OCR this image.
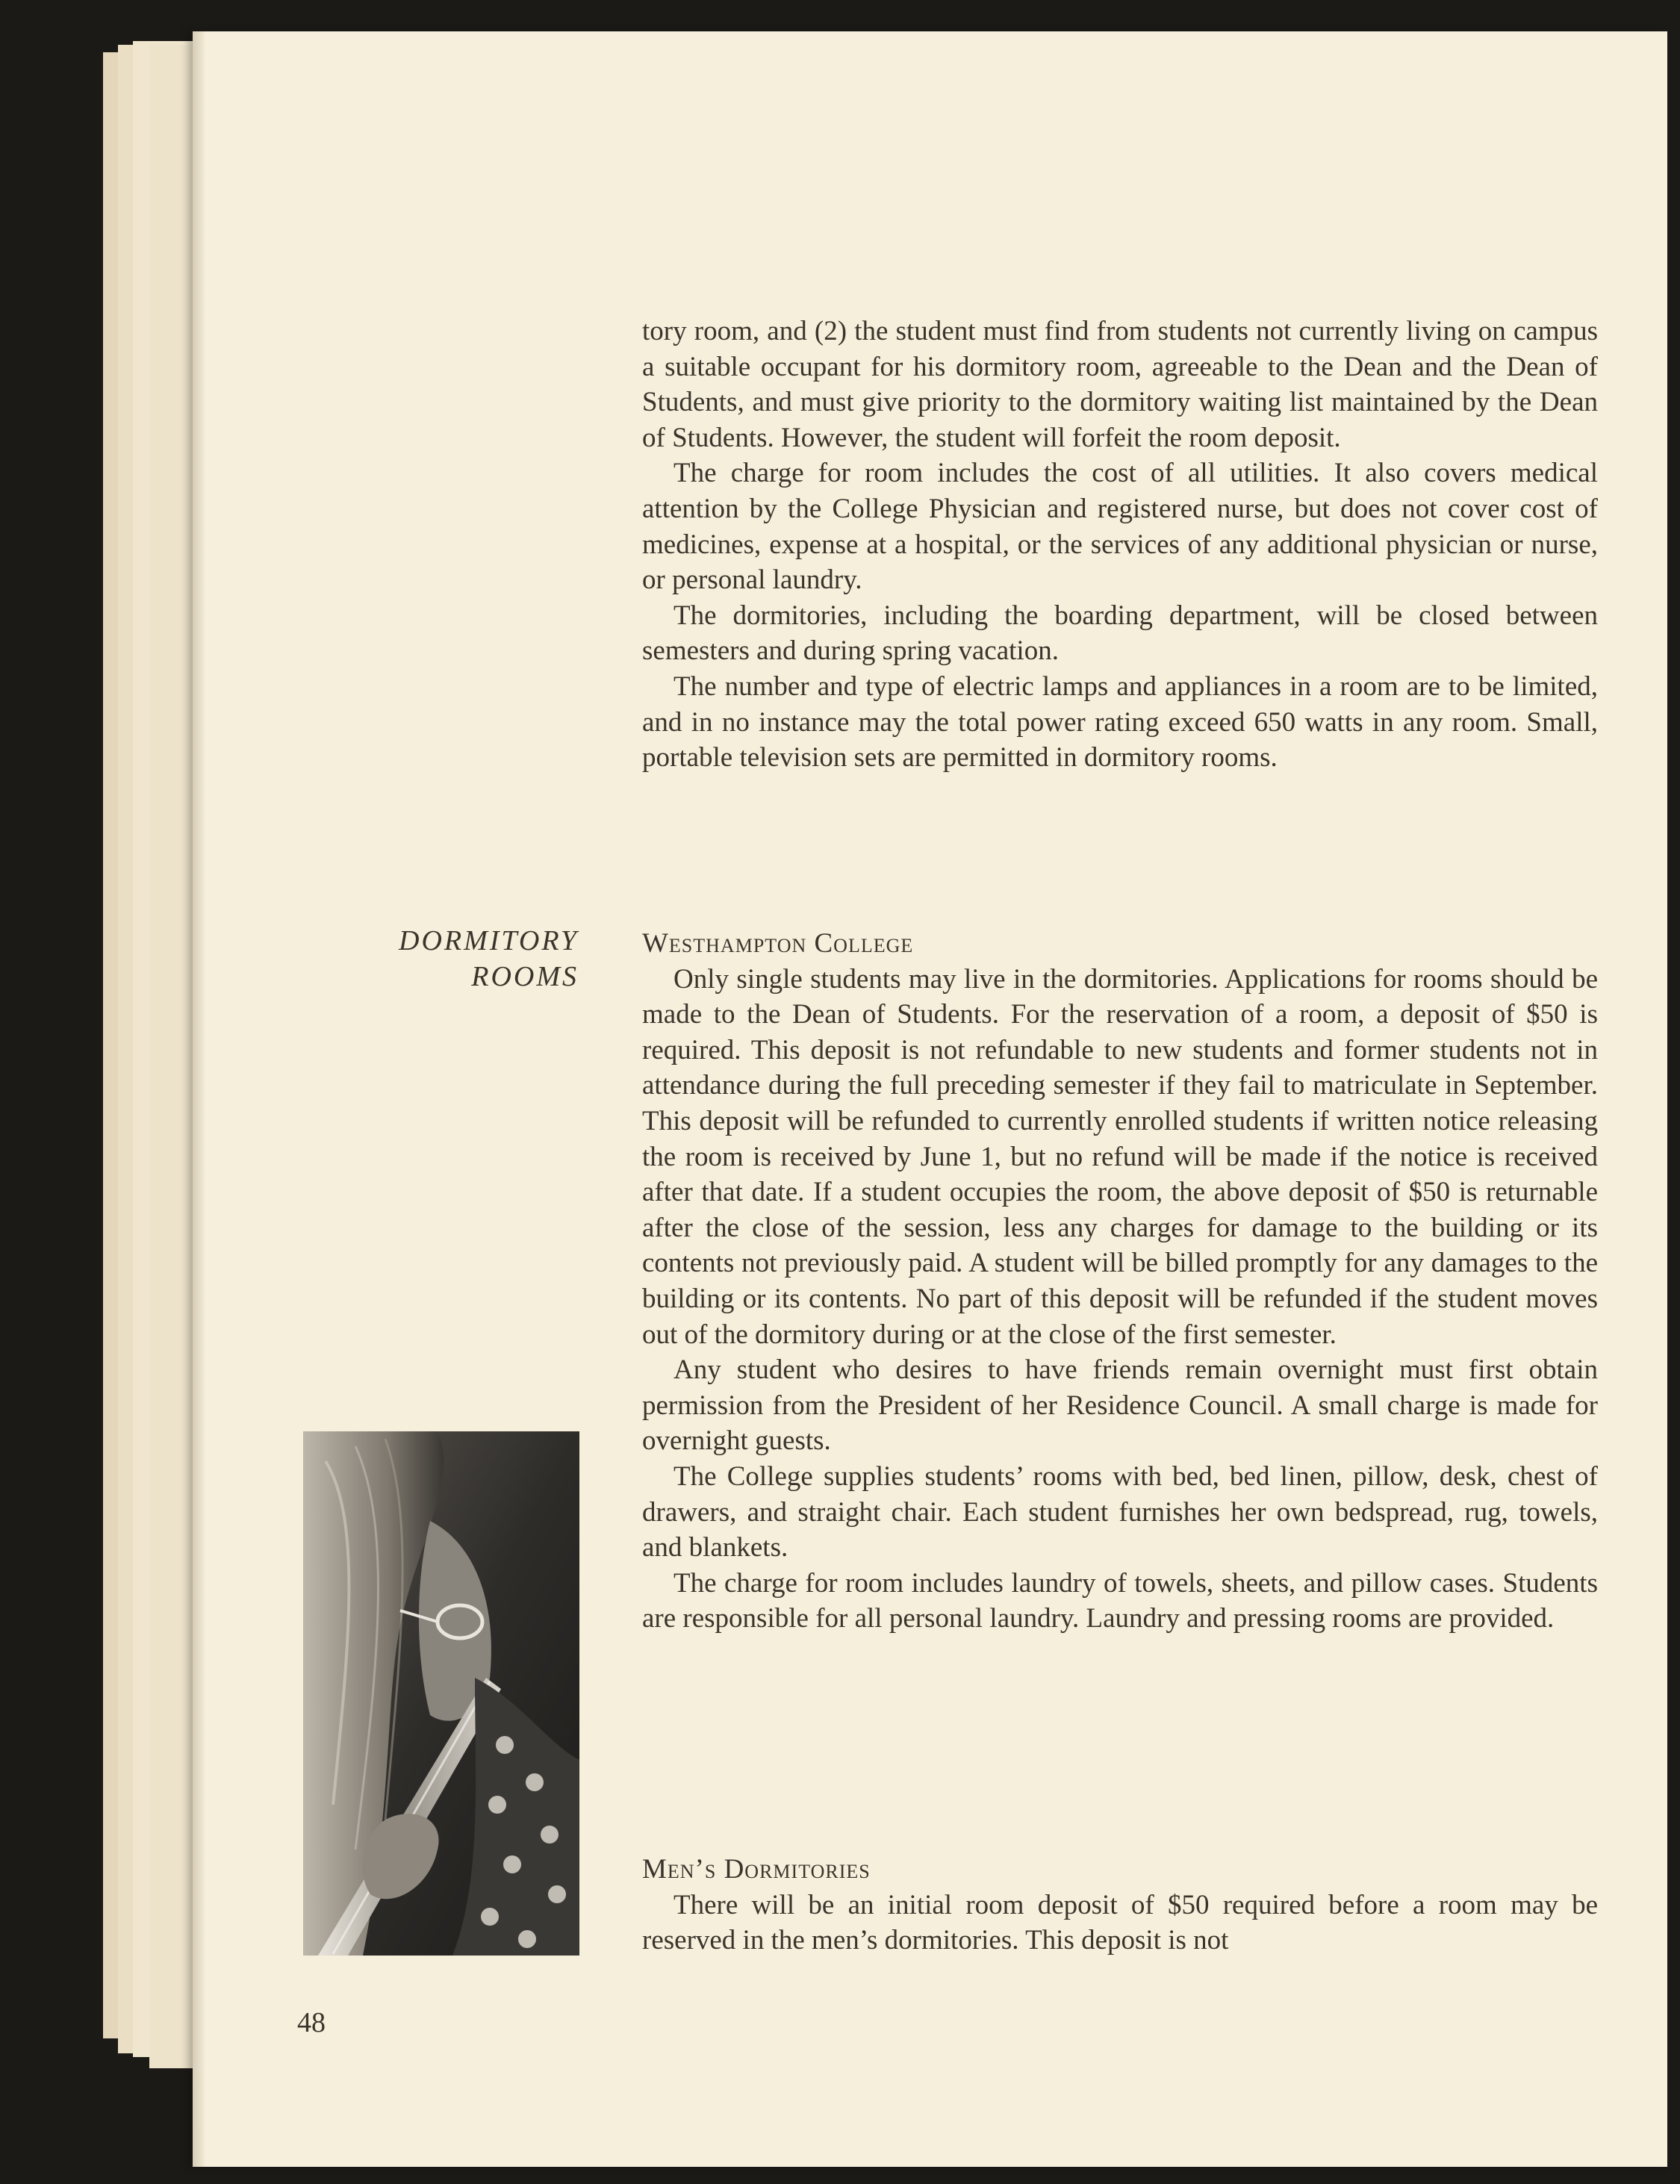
tory room, and (2) the student must find from students not currently living on campus a suitable occupant for his dormitory room, agreeable to the Dean and the Dean of Students, and must give priority to the dormitory waiting list maintained by the Dean of Students. However, the student will forfeit the room deposit.

The charge for room includes the cost of all utilities. It also covers medical attention by the College Physician and registered nurse, but does not cover cost of medicines, expense at a hospital, or the services of any additional physician or nurse, or personal laundry.

The dormitories, including the boarding department, will be closed between semesters and during spring vacation.

The number and type of electric lamps and appliances in a room are to be limited, and in no instance may the total power rating exceed 650 watts in any room. Small, portable television sets are permitted in dormitory rooms.

DORMITORY
ROOMS

Westhampton College

Only single students may live in the dormitories. Applications for rooms should be made to the Dean of Students. For the reservation of a room, a deposit of $50 is required. This deposit is not refundable to new students and former students not in attendance during the full preceding semester if they fail to matriculate in September. This deposit will be refunded to currently enrolled students if written notice releasing the room is received by June 1, but no refund will be made if the notice is received after that date. If a student occupies the room, the above deposit of $50 is returnable after the close of the session, less any charges for damage to the building or its contents not previously paid. A student will be billed promptly for any damages to the building or its contents. No part of this deposit will be refunded if the student moves out of the dormitory during or at the close of the first semester.

Any student who desires to have friends remain overnight must first obtain permission from the President of her Residence Council. A small charge is made for overnight guests.

The College supplies students’ rooms with bed, bed linen, pillow, desk, chest of drawers, and straight chair. Each student furnishes her own bedspread, rug, towels, and blankets.

The charge for room includes laundry of towels, sheets, and pillow cases. Students are responsible for all personal laundry. Laundry and pressing rooms are provided.

Men’s Dormitories

There will be an initial room deposit of $50 required before a room may be reserved in the men’s dormitories. This deposit is not

48
